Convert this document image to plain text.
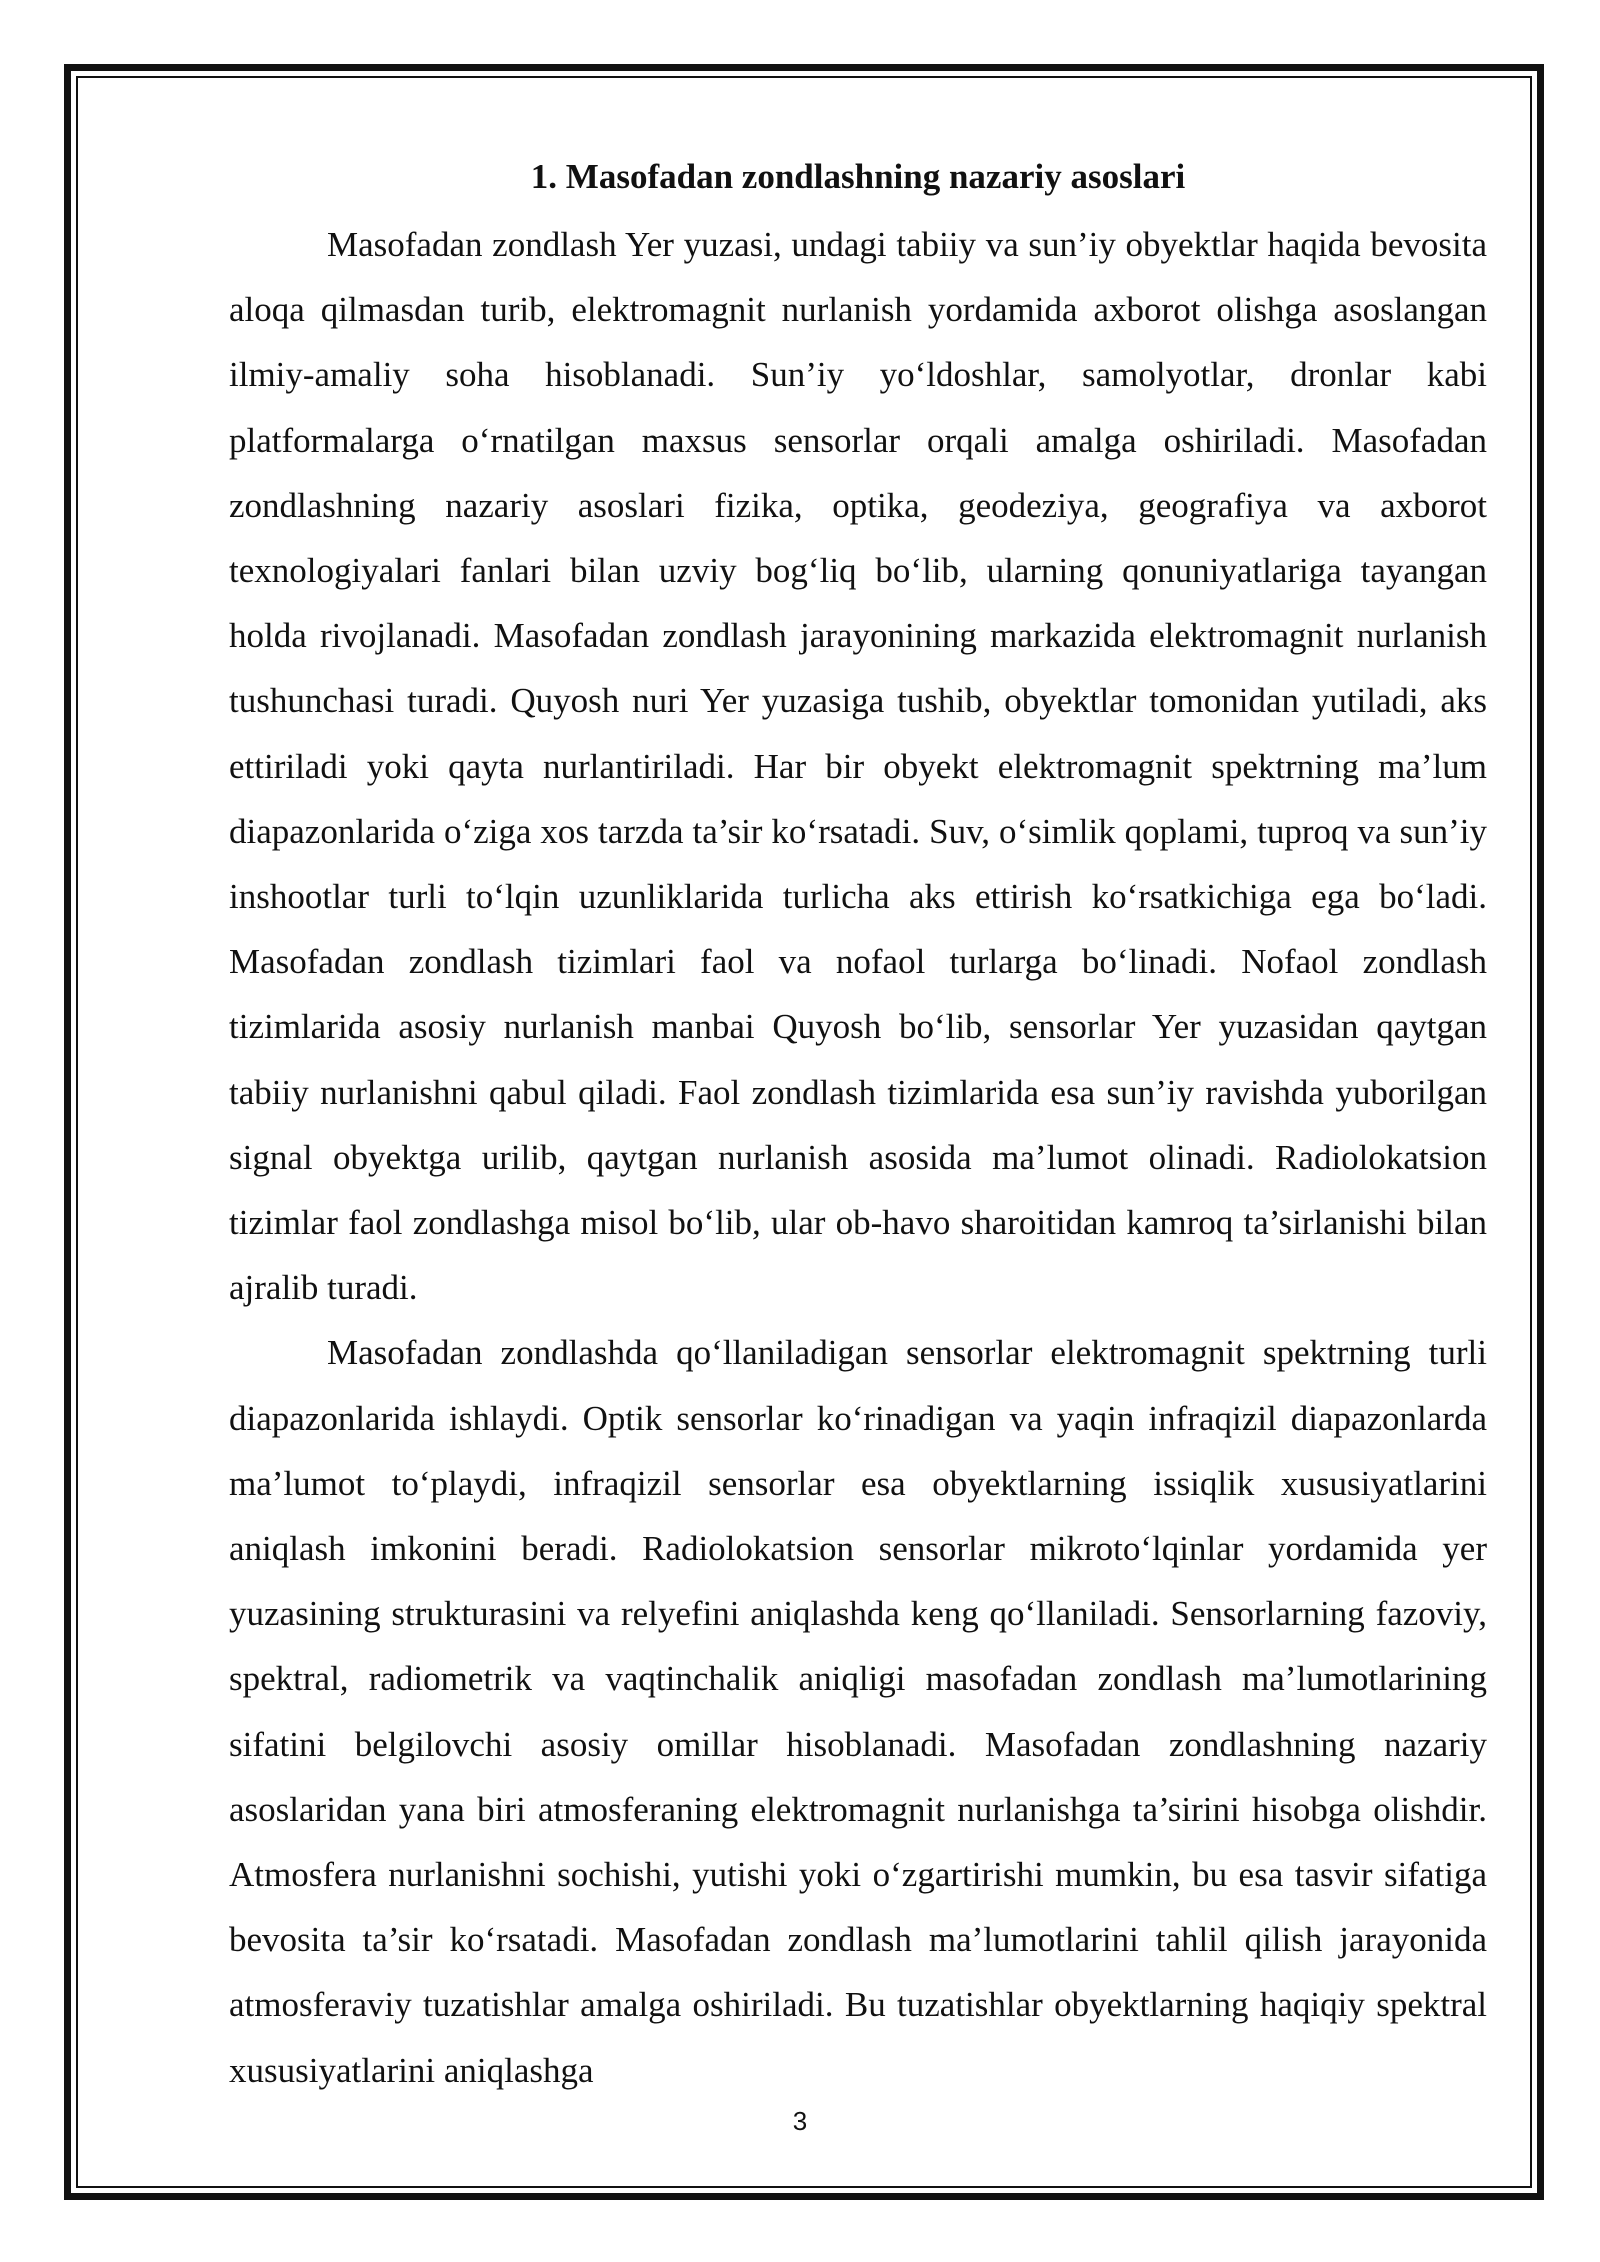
1. Masofadan zondlashning nazariy asoslari

Masofadan zondlash Yer yuzasi, undagi tabiiy va sun’iy obyektlar haqida bevosita aloqa qilmasdan turib, elektromagnit nurlanish yordamida axborot olishga asoslangan ilmiy-amaliy soha hisoblanadi. Sun’iy yo‘ldoshlar, samolyotlar, dronlar kabi platformalarga o‘rnatilgan maxsus sensorlar orqali amalga oshiriladi. Masofadan zondlashning nazariy asoslari fizika, optika, geodeziya, geografiya va axborot texnologiyalari fanlari bilan uzviy bog‘liq bo‘lib, ularning qonuniyatlariga tayangan holda rivojlanadi. Masofadan zondlash jarayonining markazida elektromagnit nurlanish tushunchasi turadi. Quyosh nuri Yer yuzasiga tushib, obyektlar tomonidan yutiladi, aks ettiriladi yoki qayta nurlantiriladi. Har bir obyekt elektromagnit spektrning ma’lum diapazonlarida o‘ziga xos tarzda ta’sir ko‘rsatadi. Suv, o‘simlik qoplami, tuproq va sun’iy inshootlar turli to‘lqin uzunliklarida turlicha aks ettirish ko‘rsatkichiga ega bo‘ladi. Masofadan zondlash tizimlari faol va nofaol turlarga bo‘linadi. Nofaol zondlash tizimlarida asosiy nurlanish manbai Quyosh bo‘lib, sensorlar Yer yuzasidan qaytgan tabiiy nurlanishni qabul qiladi. Faol zondlash tizimlarida esa sun’iy ravishda yuborilgan signal obyektga urilib, qaytgan nurlanish asosida ma’lumot olinadi. Radiolokatsion tizimlar faol zondlashga misol bo‘lib, ular ob-havo sharoitidan kamroq ta’sirlanishi bilan ajralib turadi.

Masofadan zondlashda qo‘llaniladigan sensorlar elektromagnit spektrning turli diapazonlarida ishlaydi. Optik sensorlar ko‘rinadigan va yaqin infraqizil diapazonlarda ma’lumot to‘playdi, infraqizil sensorlar esa obyektlarning issiqlik xususiyatlarini aniqlash imkonini beradi. Radiolokatsion sensorlar mikroto‘lqinlar yordamida yer yuzasining strukturasini va relyefini aniqlashda keng qo‘llaniladi. Sensorlarning fazoviy, spektral, radiometrik va vaqtinchalik aniqligi masofadan zondlash ma’lumotlarining sifatini belgilovchi asosiy omillar hisoblanadi. Masofadan zondlashning nazariy asoslaridan yana biri atmosferaning elektromagnit nurlanishga ta’sirini hisobga olishdir. Atmosfera nurlanishni sochishi, yutishi yoki o‘zgartirishi mumkin, bu esa tasvir sifatiga bevosita ta’sir ko‘rsatadi. Masofadan zondlash ma’lumotlarini tahlil qilish jarayonida atmosferaviy tuzatishlar amalga oshiriladi. Bu tuzatishlar obyektlarning haqiqiy spektral xususiyatlarini aniqlashga

3
